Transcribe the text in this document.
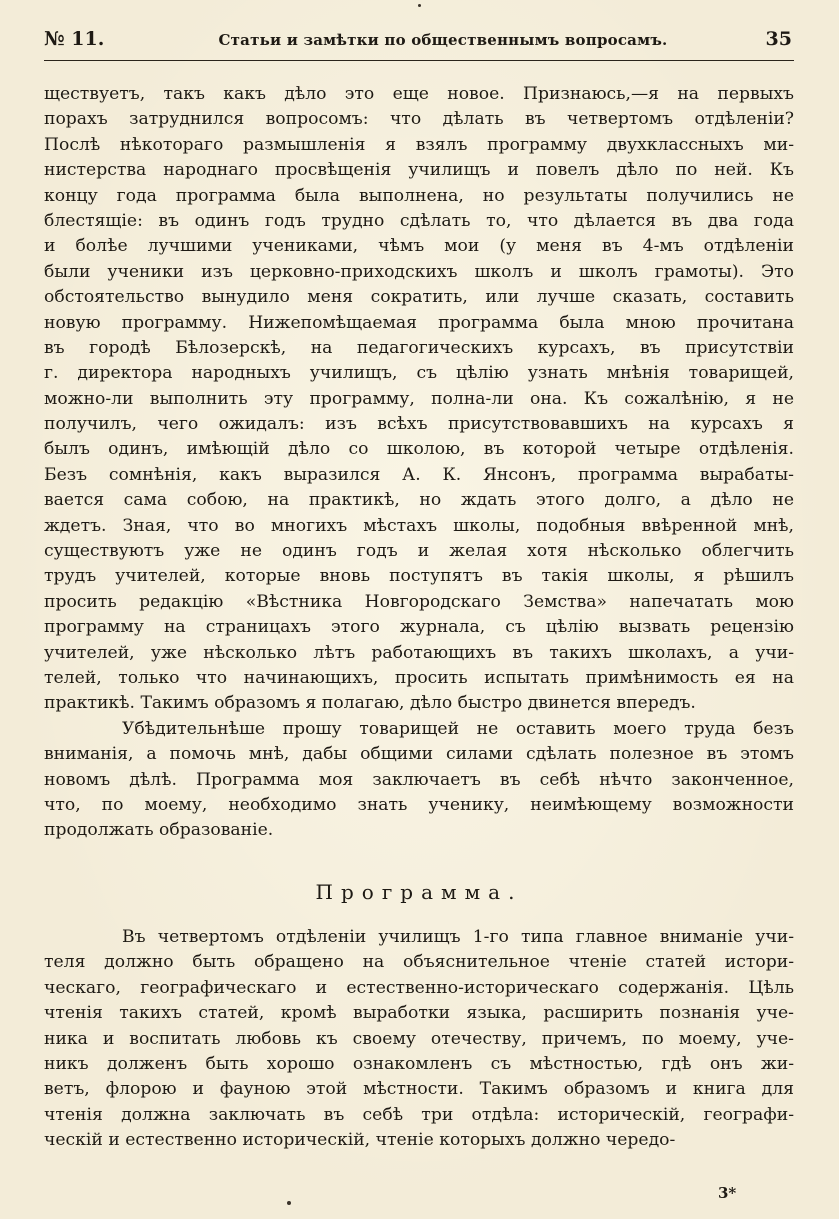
№ 11.	Статьи и замѣтки по общественнымъ вопросамъ.	35
ществуетъ, такъ какъ дѣло это еще новое. Признаюсь,—я на первыхъ
порахъ затруднился вопросомъ: что дѣлать въ четвертомъ отдѣленіи?
Послѣ нѣкотораго размышленія я взялъ программу двухклассныхъ ми-
нистерства народнаго просвѣщенія училищъ и повелъ дѣло по ней. Къ
концу года программа была выполнена, но результаты получились не
блестящіе: въ одинъ годъ трудно сдѣлать то, что дѣлается въ два года
и болѣе лучшими учениками, чѣмъ мои (у меня въ 4-мъ отдѣленіи
были ученики изъ церковно-приходскихъ школъ и школъ грамоты). Это
обстоятельство вынудило меня сократить, или лучше сказать, составить
новую программу. Нижепомѣщаемая программа была мною прочитана
въ городѣ Бѣлозерскѣ, на педагогическихъ курсахъ, въ присутствіи
г. директора народныхъ училищъ, съ цѣлію узнать мнѣнія товарищей,
можно-ли выполнить эту программу, полна-ли она. Къ сожалѣнію, я не
получилъ, чего ожидалъ: изъ всѣхъ присутствовавшихъ на курсахъ я
былъ одинъ, имѣющій дѣло со школою, въ которой четыре отдѣленія.
Безъ сомнѣнія, какъ выразился А. К. Янсонъ, программа вырабаты-
вается сама собою, на практикѣ, но ждать этого долго, а дѣло не
ждетъ. Зная, что во многихъ мѣстахъ школы, подобныя ввѣренной мнѣ,
существуютъ уже не одинъ годъ и желая хотя нѣсколько облегчить
трудъ учителей, которые вновь поступятъ въ такія школы, я рѣшилъ
просить редакцію «Вѣстника Новгородскаго Земства» напечатать мою
программу на страницахъ этого журнала, съ цѣлію вызвать рецензію
учителей, уже нѣсколько лѣтъ работающихъ въ такихъ школахъ, а учи-
телей, только что начинающихъ, просить испытать примѣнимость ея на
практикѣ. Такимъ образомъ я полагаю, дѣло быстро двинется впередъ.
Убѣдительнѣше прошу товарищей не оставить моего труда безъ
вниманія, а помочь мнѣ, дабы общими силами сдѣлать полезное въ этомъ
новомъ дѣлѣ. Программа моя заключаетъ въ себѣ нѣчто законченное,
что, по моему, необходимо знать ученику, неимѣющему возможности
продолжать образованіе.
Программа.
Въ четвертомъ отдѣленіи училищъ 1-го типа главное вниманіе учи-
теля должно быть обращено на объяснительное чтеніе статей истори-
ческаго, географическаго и естественно-историческаго содержанія. Цѣль
чтенія такихъ статей, кромѣ выработки языка, расширить познанія уче-
ника и воспитать любовь къ своему отечеству, причемъ, по моему, уче-
никъ долженъ быть хорошо ознакомленъ съ мѣстностью, гдѣ онъ жи-
ветъ, флорою и фауною этой мѣстности. Такимъ образомъ и книга для
чтенія должна заключать въ себѣ три отдѣла: историческій, географи-
ческій и естественно историческій, чтеніе которыхъ должно чередо-
3*
